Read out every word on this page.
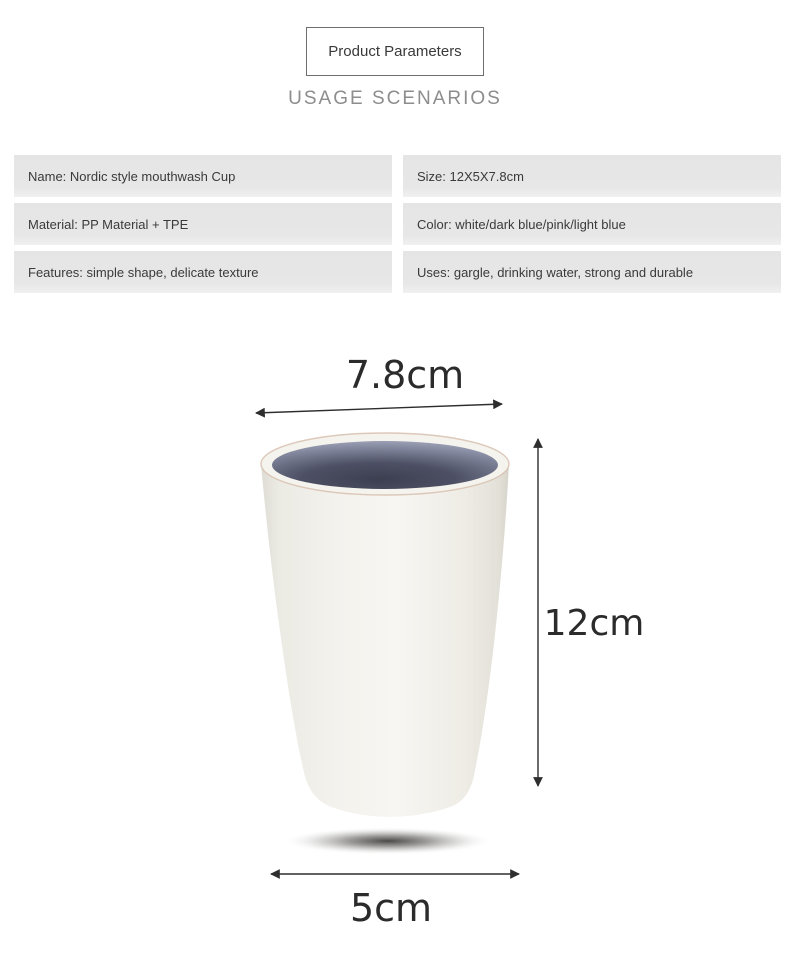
Product Parameters
USAGE SCENARIOS
Name: Nordic style mouthwash Cup	Size: 12X5X7.8cm
Material: PP Material + TPE	Color: white/dark blue/pink/light blue
Features: simple shape, delicate texture	Uses: gargle, drinking water, strong and durable
7.8cm
12cm
5cm
